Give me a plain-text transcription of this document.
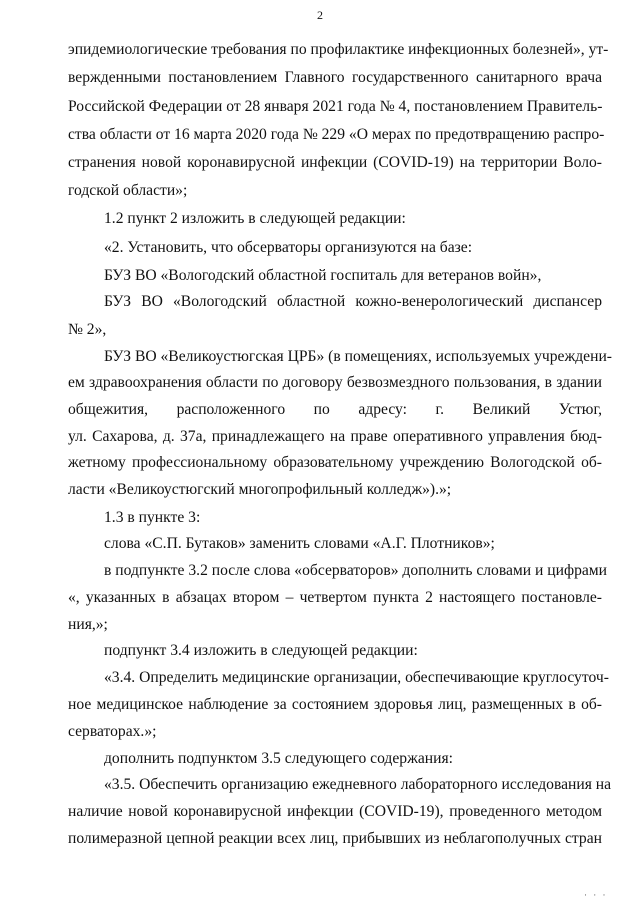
2
эпидемиологические требования по профилактике инфекционных болезней», ут-
вержденными постановлением Главного государственного санитарного врача
Российской Федерации от 28 января 2021 года № 4, постановлением Правитель-
ства области от 16 марта 2020 года № 229 «О мерах по предотвращению распро-
странения новой коронавирусной инфекции (COVID-19) на территории Воло-
годской области»;
1.2 пункт 2 изложить в следующей редакции:
«2. Установить, что обсерваторы организуются на базе:
БУЗ ВО «Вологодский областной госпиталь для ветеранов войн»,
БУЗ ВО «Вологодский областной кожно-венерологический диспансер
№ 2»,
БУЗ ВО «Великоустюгская ЦРБ» (в помещениях, используемых учреждени-
ем здравоохранения области по договору безвозмездного пользования, в здании
общежития, расположенного по адресу: г. Великий Устюг,
ул. Сахарова, д. 37а, принадлежащего на праве оперативного управления бюд-
жетному профессиональному образовательному учреждению Вологодской об-
ласти «Великоустюгский многопрофильный колледж»).»;
1.3 в пункте 3:
слова «С.П. Бутаков» заменить словами «А.Г. Плотников»;
в подпункте 3.2 после слова «обсерваторов» дополнить словами и цифрами
«, указанных в абзацах втором – четвертом пункта 2 настоящего постановле-
ния,»;
подпункт 3.4 изложить в следующей редакции:
«3.4. Определить медицинские организации, обеспечивающие круглосуточ-
ное медицинское наблюдение за состоянием здоровья лиц, размещенных в об-
серваторах.»;
дополнить подпунктом 3.5 следующего содержания:
«3.5. Обеспечить организацию ежедневного лабораторного исследования на
наличие новой коронавирусной инфекции (COVID-19), проведенного методом
полимеразной цепной реакции всех лиц, прибывших из неблагополучных стран
· · ·
